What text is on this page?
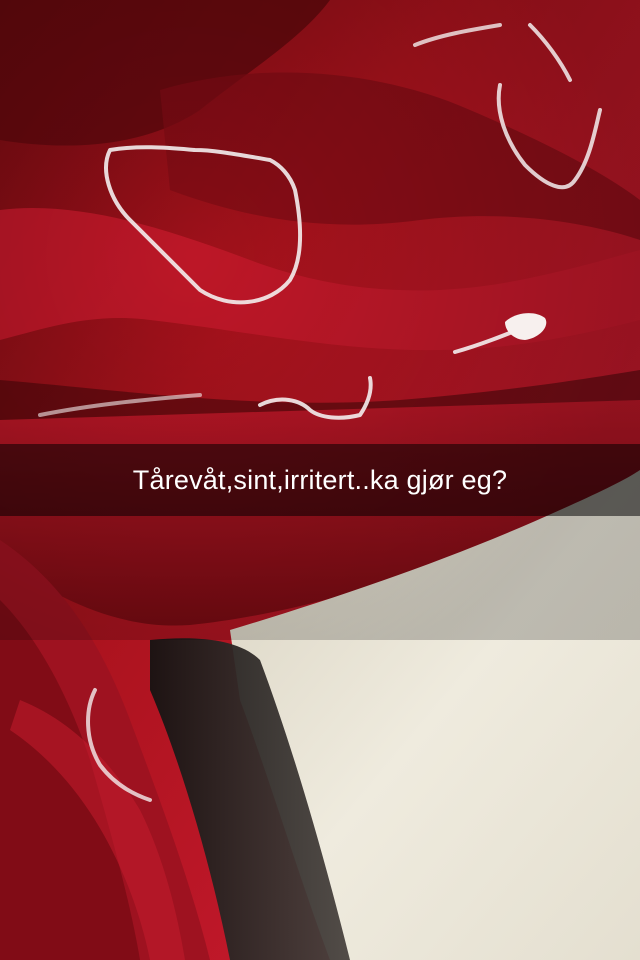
Tårevåt,sint,irritert..ka gjør eg?
